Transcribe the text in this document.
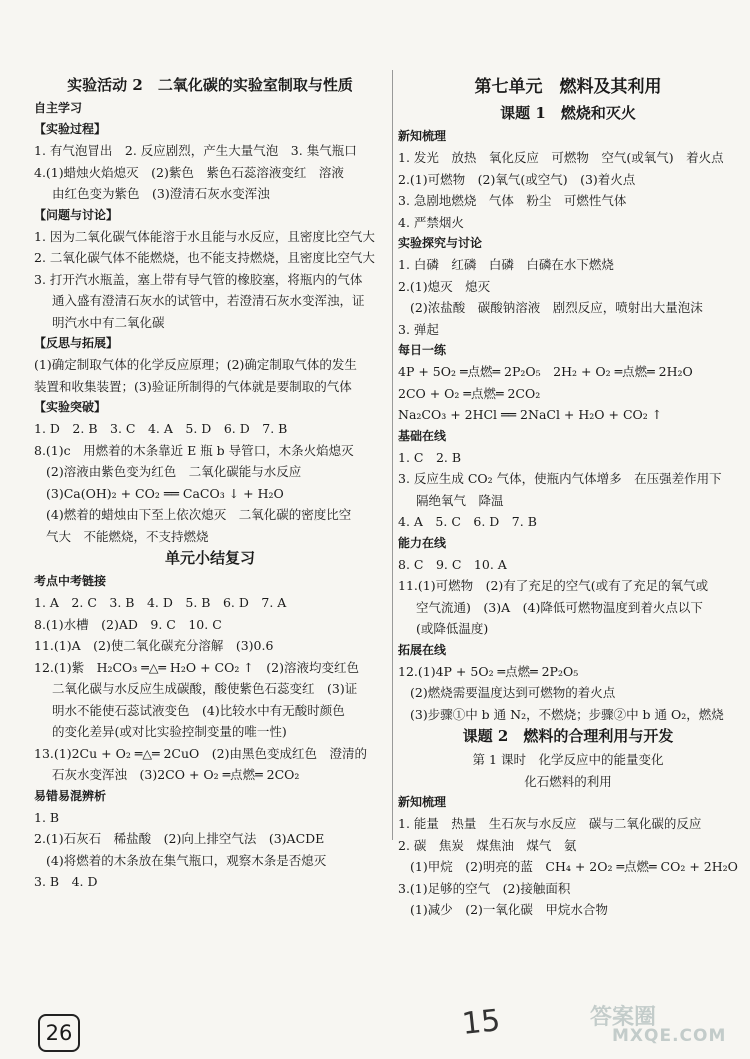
实验活动 2　二氧化碳的实验室制取与性质
自主学习
【实验过程】
1. 有气泡冒出　2. 反应剧烈，产生大量气泡　3. 集气瓶口
4.(1)蜡烛火焰熄灭　(2)紫色　紫色石蕊溶液变红　溶液
由红色变为紫色　(3)澄清石灰水变浑浊
【问题与讨论】
1. 因为二氧化碳气体能溶于水且能与水反应，且密度比空气大
2. 二氧化碳气体不能燃烧，也不能支持燃烧，且密度比空气大
3. 打开汽水瓶盖，塞上带有导气管的橡胶塞，将瓶内的气体
通入盛有澄清石灰水的试管中，若澄清石灰水变浑浊，证
明汽水中有二氧化碳
【反思与拓展】
(1)确定制取气体的化学反应原理；(2)确定制取气体的发生
装置和收集装置；(3)验证所制得的气体就是要制取的气体
【实验突破】
1. D　2. B　3. C　4. A　5. D　6. D　7. B
8.(1)c　用燃着的木条靠近 E 瓶 b 导管口，木条火焰熄灭
(2)溶液由紫色变为红色　二氧化碳能与水反应
(3)Ca(OH)₂ + CO₂ ══ CaCO₃ ↓ + H₂O
(4)燃着的蜡烛由下至上依次熄灭　二氧化碳的密度比空
气大　不能燃烧，不支持燃烧
单元小结复习
考点中考链接
1. A　2. C　3. B　4. D　5. B　6. D　7. A
8.(1)水槽　(2)AD　9. C　10. C
11.(1)A　(2)使二氧化碳充分溶解　(3)0.6
12.(1)紫　H₂CO₃ ═△═ H₂O + CO₂ ↑　(2)溶液均变红色
二氧化碳与水反应生成碳酸，酸使紫色石蕊变红　(3)证
明水不能使石蕊试液变色　(4)比较水中有无酸时颜色
的变化差异(或对比实验控制变量的唯一性)
13.(1)2Cu + O₂ ═△═ 2CuO　(2)由黑色变成红色　澄清的
石灰水变浑浊　(3)2CO + O₂ ═点燃═ 2CO₂
易错易混辨析
1. B
2.(1)石灰石　稀盐酸　(2)向上排空气法　(3)ACDE
(4)将燃着的木条放在集气瓶口，观察木条是否熄灭
3. B　4. D
第七单元　燃料及其利用
课题 1　燃烧和灭火
新知梳理
1. 发光　放热　氧化反应　可燃物　空气(或氧气)　着火点
2.(1)可燃物　(2)氧气(或空气)　(3)着火点
3. 急剧地燃烧　气体　粉尘　可燃性气体
4. 严禁烟火
实验探究与讨论
1. 白磷　红磷　白磷　白磷在水下燃烧
2.(1)熄灭　熄灭
(2)浓盐酸　碳酸钠溶液　剧烈反应，喷射出大量泡沫
3. 弹起
每日一练
4P + 5O₂ ═点燃═ 2P₂O₅　2H₂ + O₂ ═点燃═ 2H₂O
2CO + O₂ ═点燃═ 2CO₂
Na₂CO₃ + 2HCl ══ 2NaCl + H₂O + CO₂ ↑
基础在线
1. C　2. B
3. 反应生成 CO₂ 气体，使瓶内气体增多　在压强差作用下
隔绝氧气　降温
4. A　5. C　6. D　7. B
能力在线
8. C　9. C　10. A
11.(1)可燃物　(2)有了充足的空气(或有了充足的氧气或
空气流通)　(3)A　(4)降低可燃物温度到着火点以下
(或降低温度)
拓展在线
12.(1)4P + 5O₂ ═点燃═ 2P₂O₅
(2)燃烧需要温度达到可燃物的着火点
(3)步骤①中 b 通 N₂，不燃烧；步骤②中 b 通 O₂，燃烧
课题 2　燃料的合理利用与开发
第 1 课时　化学反应中的能量变化
化石燃料的利用
新知梳理
1. 能量　热量　生石灰与水反应　碳与二氧化碳的反应
2. 碳　焦炭　煤焦油　煤气　氨
(1)甲烷　(2)明亮的蓝　CH₄ + 2O₂ ═点燃═ CO₂ + 2H₂O
3.(1)足够的空气　(2)接触面积
(1)减少　(2)一氧化碳　甲烷水合物
26	15	答案圈
MXQE.COM
